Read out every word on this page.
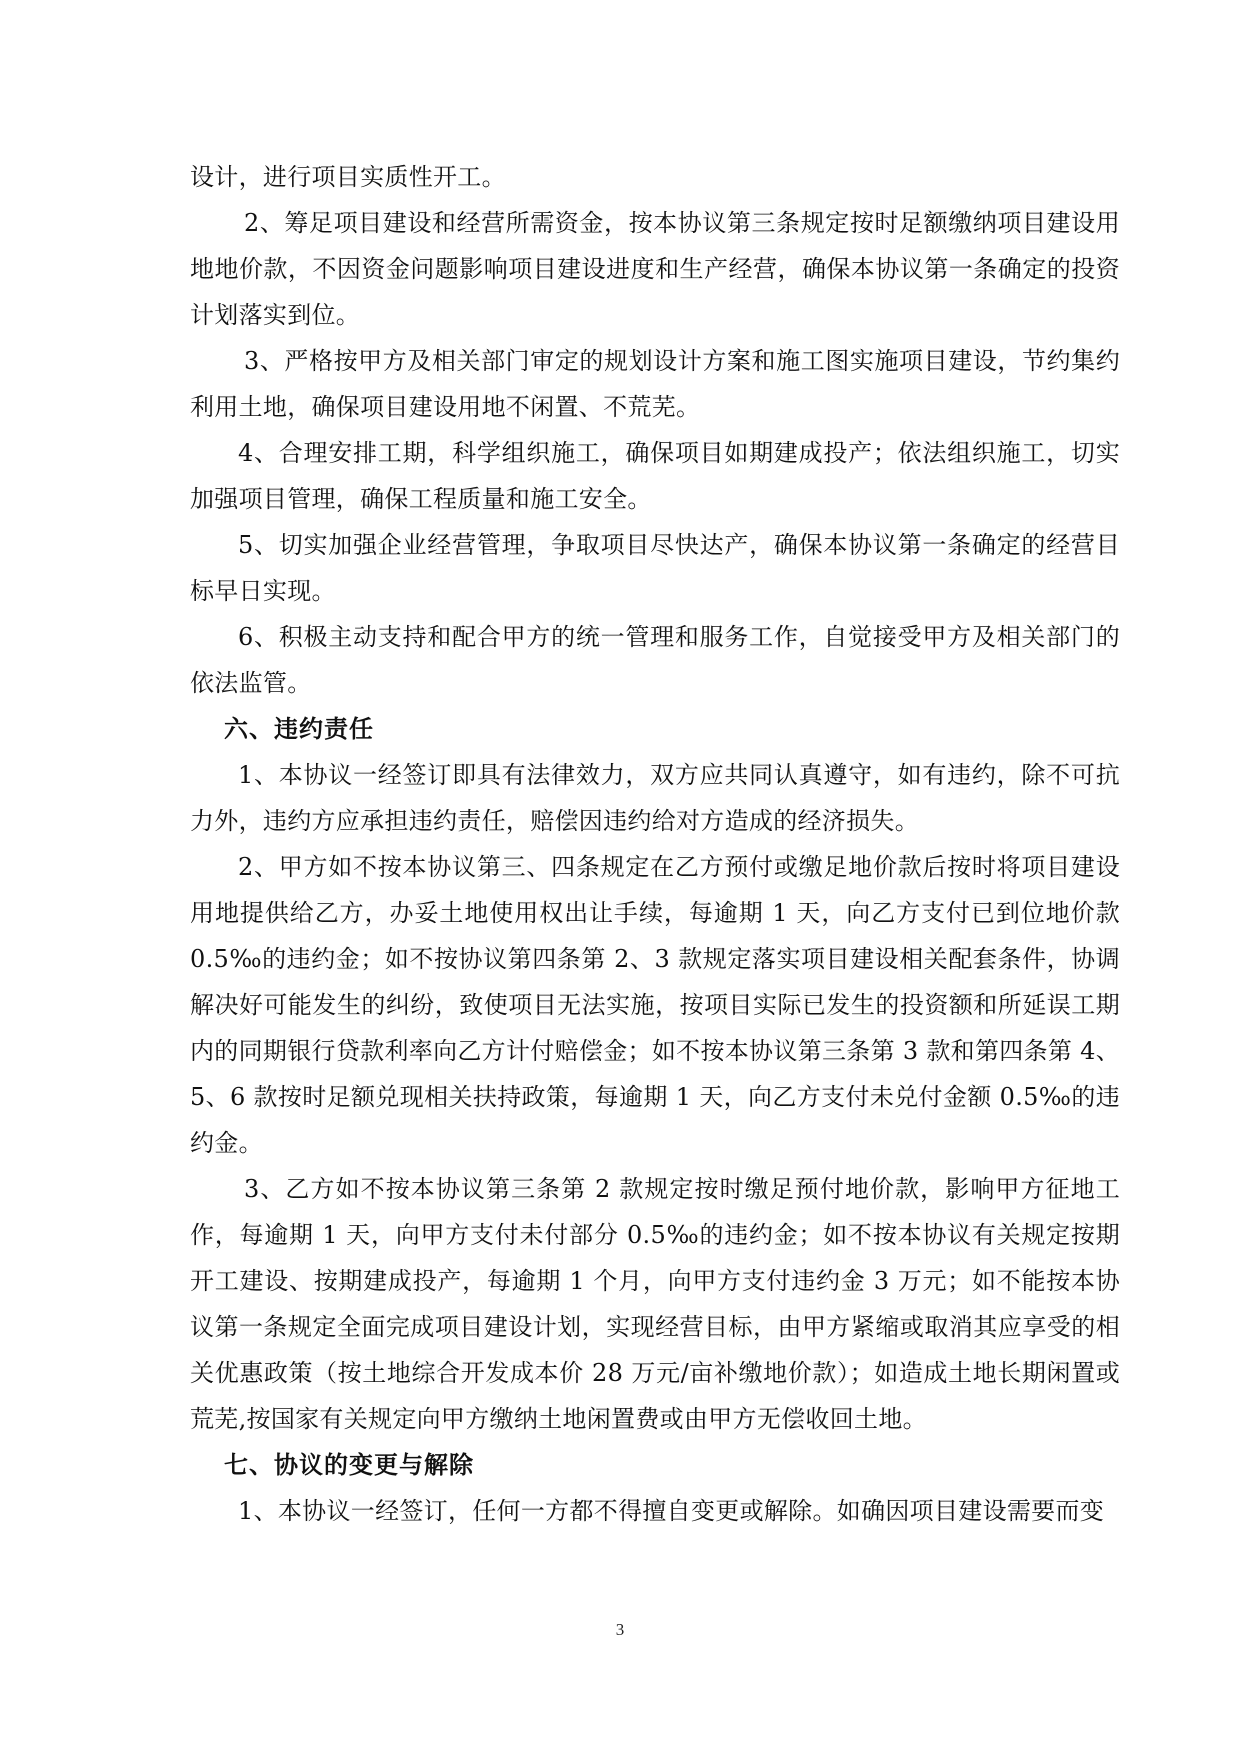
设计，进行项目实质性开工。

2、筹足项目建设和经营所需资金，按本协议第三条规定按时足额缴纳项目建设用地地价款，不因资金问题影响项目建设进度和生产经营，确保本协议第一条确定的投资计划落实到位。

3、严格按甲方及相关部门审定的规划设计方案和施工图实施项目建设，节约集约利用土地，确保项目建设用地不闲置、不荒芜。

4、合理安排工期，科学组织施工，确保项目如期建成投产；依法组织施工，切实加强项目管理，确保工程质量和施工安全。

5、切实加强企业经营管理，争取项目尽快达产，确保本协议第一条确定的经营目标早日实现。

6、积极主动支持和配合甲方的统一管理和服务工作，自觉接受甲方及相关部门的依法监管。

六、违约责任

1、本协议一经签订即具有法律效力，双方应共同认真遵守，如有违约，除不可抗力外，违约方应承担违约责任，赔偿因违约给对方造成的经济损失。

2、甲方如不按本协议第三、四条规定在乙方预付或缴足地价款后按时将项目建设用地提供给乙方，办妥土地使用权出让手续，每逾期 1 天，向乙方支付已到位地价款 0.5‰的违约金；如不按协议第四条第 2、3 款规定落实项目建设相关配套条件，协调解决好可能发生的纠纷，致使项目无法实施，按项目实际已发生的投资额和所延误工期内的同期银行贷款利率向乙方计付赔偿金；如不按本协议第三条第 3 款和第四条第 4、5、6 款按时足额兑现相关扶持政策，每逾期 1 天，向乙方支付未兑付金额 0.5‰的违约金。

3、乙方如不按本协议第三条第 2 款规定按时缴足预付地价款，影响甲方征地工作，每逾期 1 天，向甲方支付未付部分 0.5‰的违约金；如不按本协议有关规定按期开工建设、按期建成投产，每逾期 1 个月，向甲方支付违约金 3 万元；如不能按本协议第一条规定全面完成项目建设计划，实现经营目标，由甲方紧缩或取消其应享受的相关优惠政策（按土地综合开发成本价 28 万元/亩补缴地价款）；如造成土地长期闲置或荒芜,按国家有关规定向甲方缴纳土地闲置费或由甲方无偿收回土地。

七、协议的变更与解除

1、本协议一经签订，任何一方都不得擅自变更或解除。如确因项目建设需要而变

3
